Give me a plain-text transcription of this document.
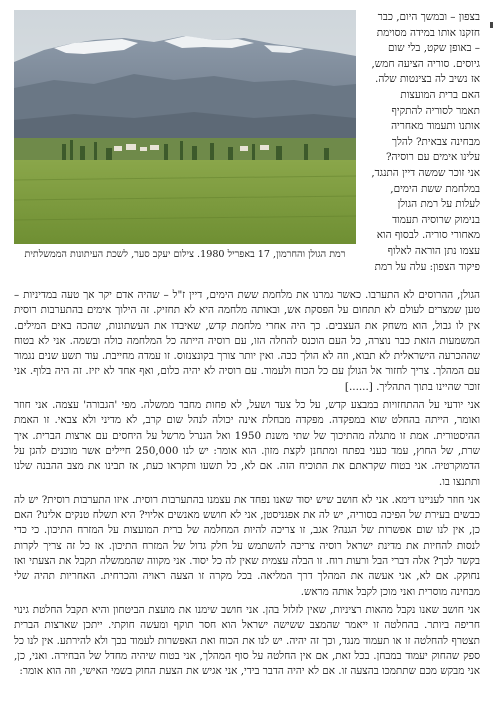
רמת הגולן והחרמון, 17 באפריל 1980. צילום יעקב סער, לשכת העיתונות הממשלתית
בצפון – ובמשך היום, כבר
חזקנו אותו במידה מסוימת
– באופן שקט, בלי שום
גיוסים. סוריה הציעה חמש,
אז נשיב לה בצינטות שלה.
האם ברית המועצות
תאמר לסוריה להתקיף
אותנו ותעמוד מאחריה
מבחינה צבאית? להלך
עלינו אימים עם רוסיה?
אני זוכר שמשה דיין התנגד,
במלחמת ששת הימים,
לעלות על רמת הגולן
בנימוק שרוסיה תעמוד
מאחורי סוריה. לבסוף הוא
עצמו נתן הוראה לאלוף
פיקוד הצפון: עלה על רמת

הגולן, ההרוסים לא התערבו. כאשר גמרנו את מלחמת ששת הימים, דיין ז"ל – שהיה אדם יקר אך טעה במדיניות – טען שמצרים לעולם לא תתחום על הפסקת אש, ובאותה מלחמה היא לא תחזיק. זה הילוך אימים בהתערבות רוסית אין לו גבול, הוא משחק את העצבים. כך היה אחרי מלחמת קדש, שאיבדו את העשתונות, שהכה באים המילים. המשמעות הזאת כבר נוצרה, כל העם הוכנס להחלה הזו, עם רוסיה הייתה כל המלחמה כולה ובשמה. אני לא בטוח שההכרעה הישראלית לא תבוא, וזה לא הולך ככה. ואין יותר צורך בקונצנזוס. זו עמדה מחייבת. עוד תשע שנים נגמור עם המהלך. צריך לחזור אל הגולן עם כל הכוח ולעמוד. עם רוסיה לא יהיה כלום, ואף אחד לא יזיז. זה היה בלוף. אני זוכר שהיינו בתוך התהליך. [......]

אני יודעי על ההתחזויות במבצע קדש, על כל צעד ושעל, לא פחות מחבר ממשלה. מפי 'הגבורה' עצמה. אני חוזר ואומר, הייתה בהחלט שוא במפקדה. מפקדה מבחלת אינה יכולה לנהל שום קרב, לא מדיני ולא צבאי. זו האמת ההיסטורית. אמת זו מתגלה מהתיכוך של שתי משנת 1950 ואל הגנרל מרשל על היחסים עם ארצות הברית. איך שרת, של החוץ, עמד כעני בפתח ומתחנן לקצת מזון. הוא אומר: יש לנו 250,000 חיילים אשר מוכנים להגן על הדמוקרטיה. אני בטוח שקראתם את התוכיח הזה. אם לא, כל תשעו ותקראו כעת, אז תבינו את מצב ההבנה שלנו ותתנצו בו.

אני חוזר לעניינו דימא. אני לא חושב שיש יסוד שאנו נפחד את עצמנו בהתערבות רוסית. איזו התערבות רוסית? יש לה כבשים בעירת של הפיכה בסוריה, יש לה את אפגניסטן, אני לא חושש מאנשים אליוי? היא תשלח טנקים אלינו? האם כן, אין לנו שום אפשרות של הגנה? אגב, זו צריכה להיות המחלמה של ברית המועצות על המזרח התיכון. כי כדי לנסות להחיות את מדינת ישראל רוסיה צריכה להשתמש על חלק גדול של המזרח התיכון. אז כל זה צריך לקרות בקשר לכך? אלה דברי הבל ורעות רוח. זו הבלה עצמית שאין לה כל יסוד. אני מקווה שהממשלה תקבל את הצעתי ואז נחוקק. אם לא, אני אעשה את המהלך דרך המליאה. בכל מקרה זו הצעה ראויה והכרחית. האחריות תהיה שלי מבחינה מוסרית ואני מוכן לקבל אותה מראש.

אני חושב שאנו נקבל מהאות רציניות, שאין לזלזל בהן. אני חושב שימנו את מועצת הביטחון והיא תקבל החלטת גינוי חריפה ביותר. בהחלטה זו ייאמר שהמצב ששישה ישראל הוא חסר תוקף ומעשה חוקתי. ייתכן שארצות הברית תצטרף להחלטה זו או תעמוד מנגד, וכך זה יהיה. יש לנו את הכוח ואת האפשרות לעמוד בכך ולא להירתע. אין לנו כל ספק שהחוק יעמוד במבחן. בכל זאת, אם אין החלטה על סוף המהלך, אני בטוח שיהיה מחדל של הבחירה. ואני, כן, אני מבקש מכם שתתמכו בהצעה זו. אם לא יהיה הדבר בידי, אני אגיש את הצעת החוק בשמי האישי, וזה הוא אומר:
